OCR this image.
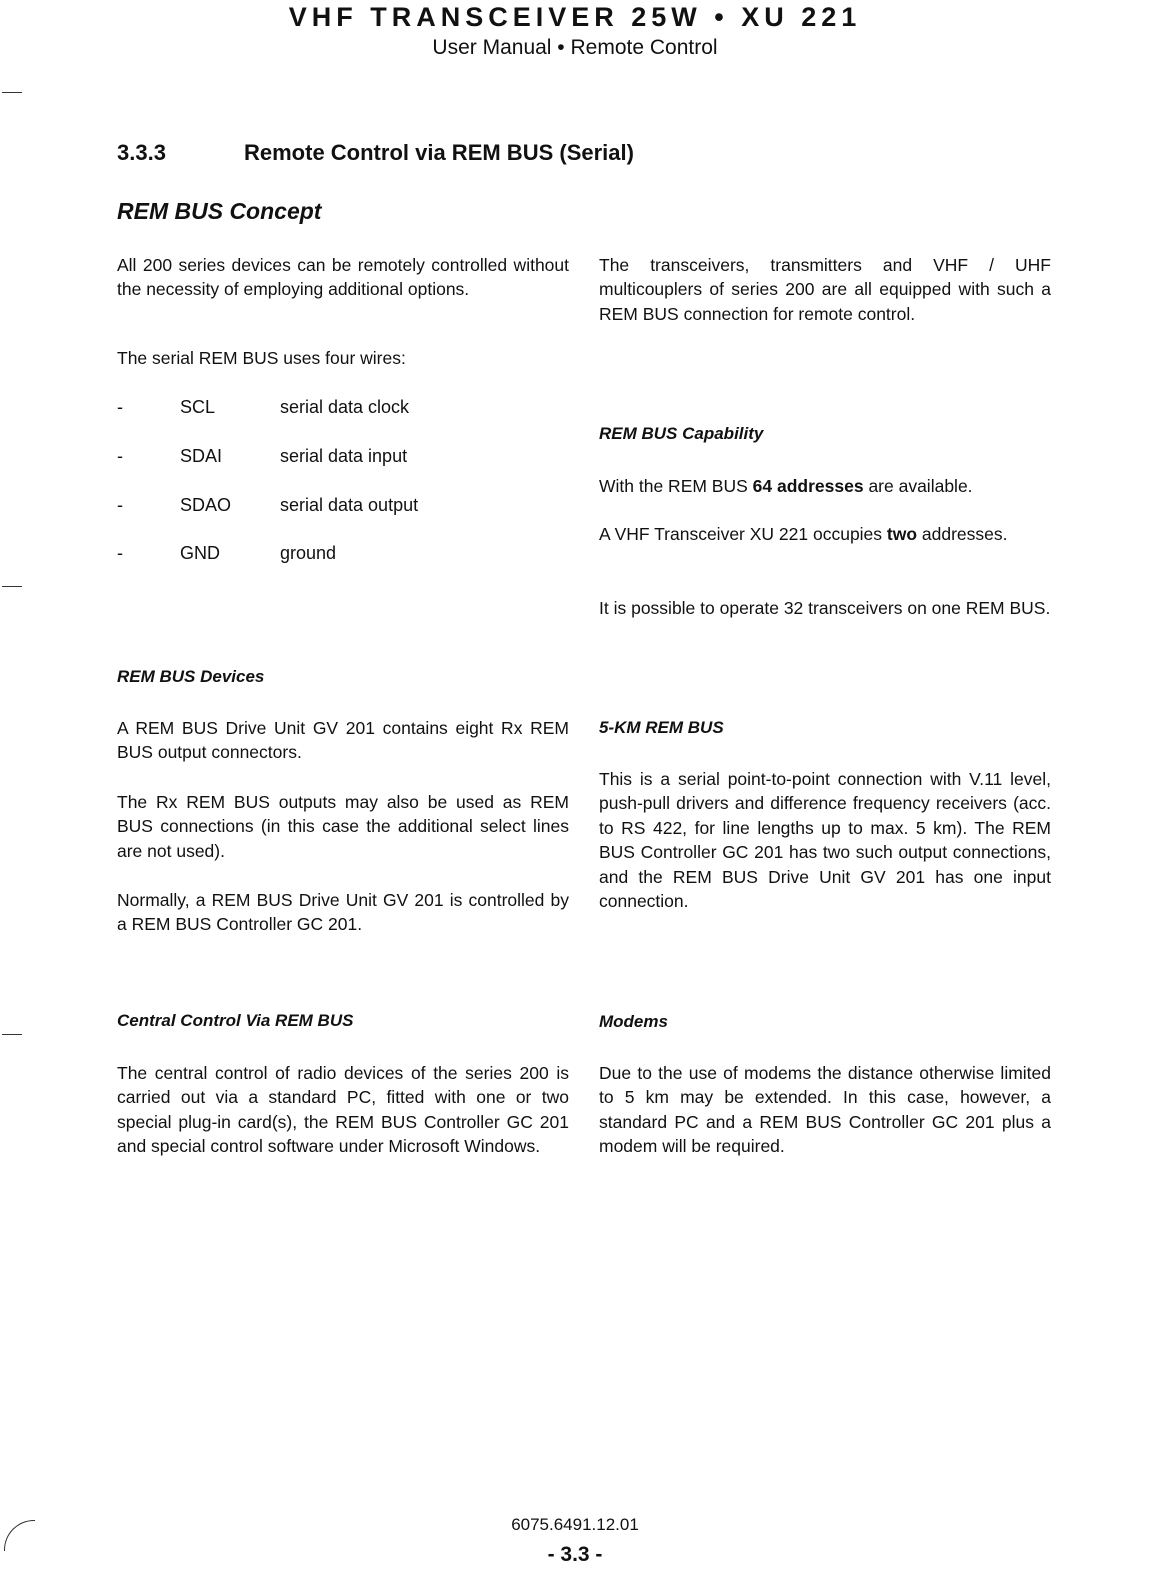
VHF TRANSCEIVER 25W • XU 221
User Manual • Remote Control
3.3.3	Remote Control via REM BUS (Serial)
REM BUS Concept
All 200 series devices can be remotely controlled without the necessity of employing additional options.
The serial REM BUS uses four wires:
-	SCL	serial data clock
-	SDAI	serial data input
-	SDAO	serial data output
-	GND	ground
The transceivers, transmitters and VHF / UHF multicouplers of series 200 are all equipped with such a REM BUS connection for remote control.
REM BUS Capability
With the REM BUS 64 addresses are available.
A VHF Transceiver XU 221 occupies two addresses.
It is possible to operate 32 transceivers on one REM BUS.
REM BUS Devices
A REM BUS Drive Unit GV 201 contains eight Rx REM BUS output connectors.
The Rx REM BUS outputs may also be used as REM BUS connections (in this case the additional select lines are not used).
Normally, a REM BUS Drive Unit GV 201 is controlled by a REM BUS Controller GC 201.
5-KM REM BUS
This is a serial point-to-point connection with V.11 level, push-pull drivers and difference frequency receivers (acc. to RS 422, for line lengths up to max. 5 km). The REM BUS Controller GC 201 has two such output connections, and the REM BUS Drive Unit GV 201 has one input connection.
Central Control Via REM BUS
The central control of radio devices of the series 200 is carried out via a standard PC, fitted with one or two special plug-in card(s), the REM BUS Controller GC 201 and special control software under Microsoft Windows.
Modems
Due to the use of modems the distance otherwise limited to 5 km may be extended. In this case, however, a standard PC and a REM BUS Controller GC 201 plus a modem will be required.
6075.6491.12.01
- 3.3 -
